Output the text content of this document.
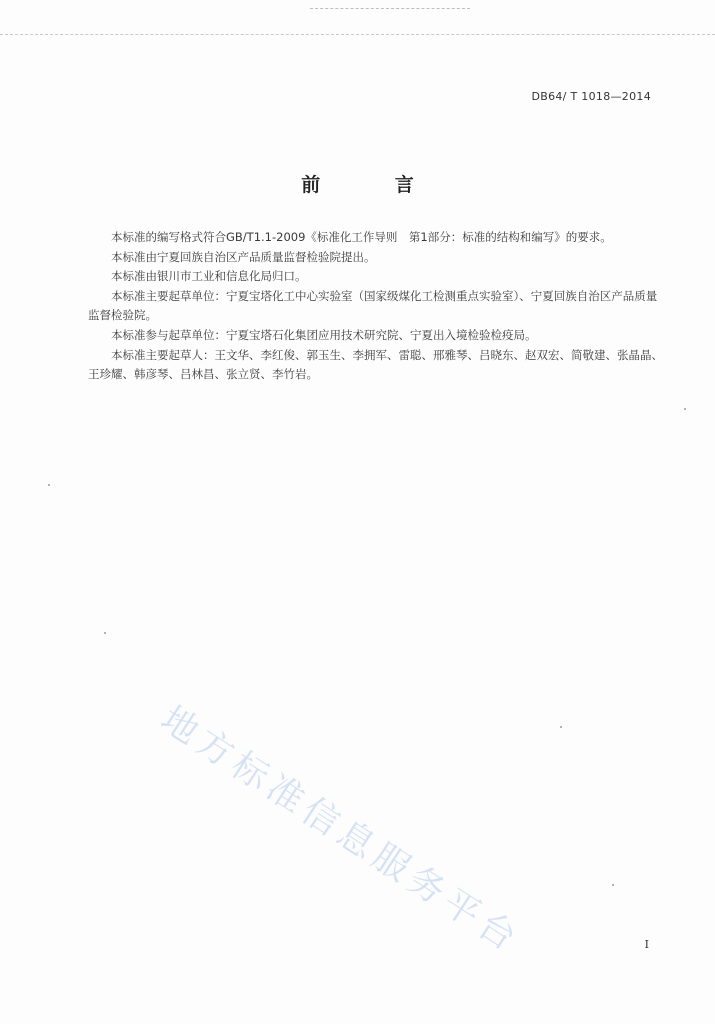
DB64/ T 1018—2014
前 言

本标准的编写格式符合GB/T1.1-2009《标准化工作导则　第1部分：标准的结构和编写》的要求。

本标准由宁夏回族自治区产品质量监督检验院提出。

本标准由银川市工业和信息化局归口。

本标准主要起草单位：宁夏宝塔化工中心实验室（国家级煤化工检测重点实验室）、宁夏回族自治区产品质量监督检验院。

本标准参与起草单位：宁夏宝塔石化集团应用技术研究院、宁夏出入境检验检疫局。

本标准主要起草人：王文华、李红俊、郭玉生、李拥军、雷聪、邢雅琴、吕晓东、赵双宏、简敬建、张晶晶、王珍耀、韩彦琴、吕林昌、张立贤、李竹岩。

地方标准信息服务平台	I
